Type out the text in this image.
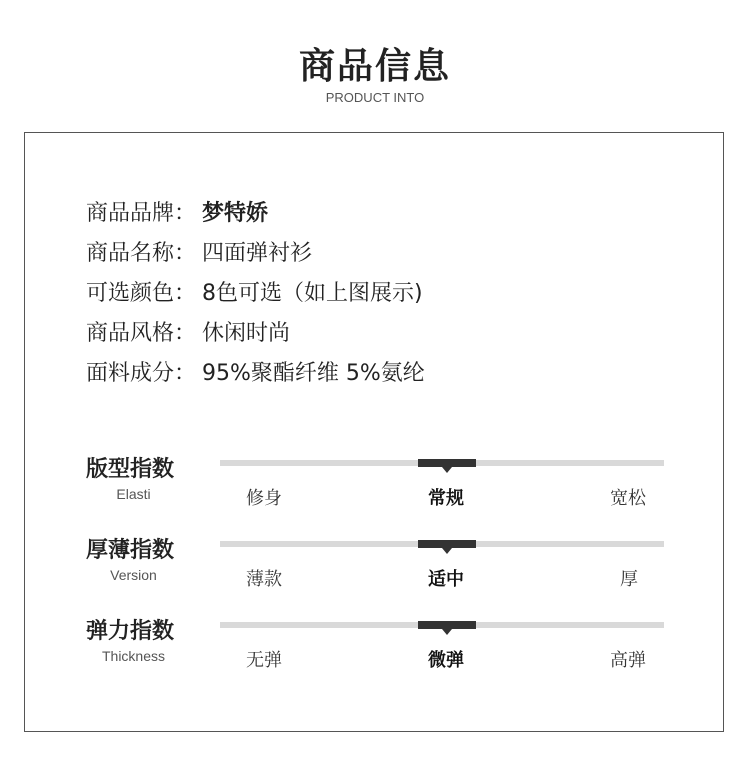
商品信息
PRODUCT INTO
商品品牌： 梦特娇
商品名称： 四面弹衬衫
可选颜色： 8色可选（如上图展示)
商品风格： 休闲时尚
面料成分： 95%聚酯纤维 5%氨纶
版型指数
Elasti	修身	常规	宽松
厚薄指数
Version	薄款	适中	厚
弹力指数
Thickness	无弹	微弹	高弹
